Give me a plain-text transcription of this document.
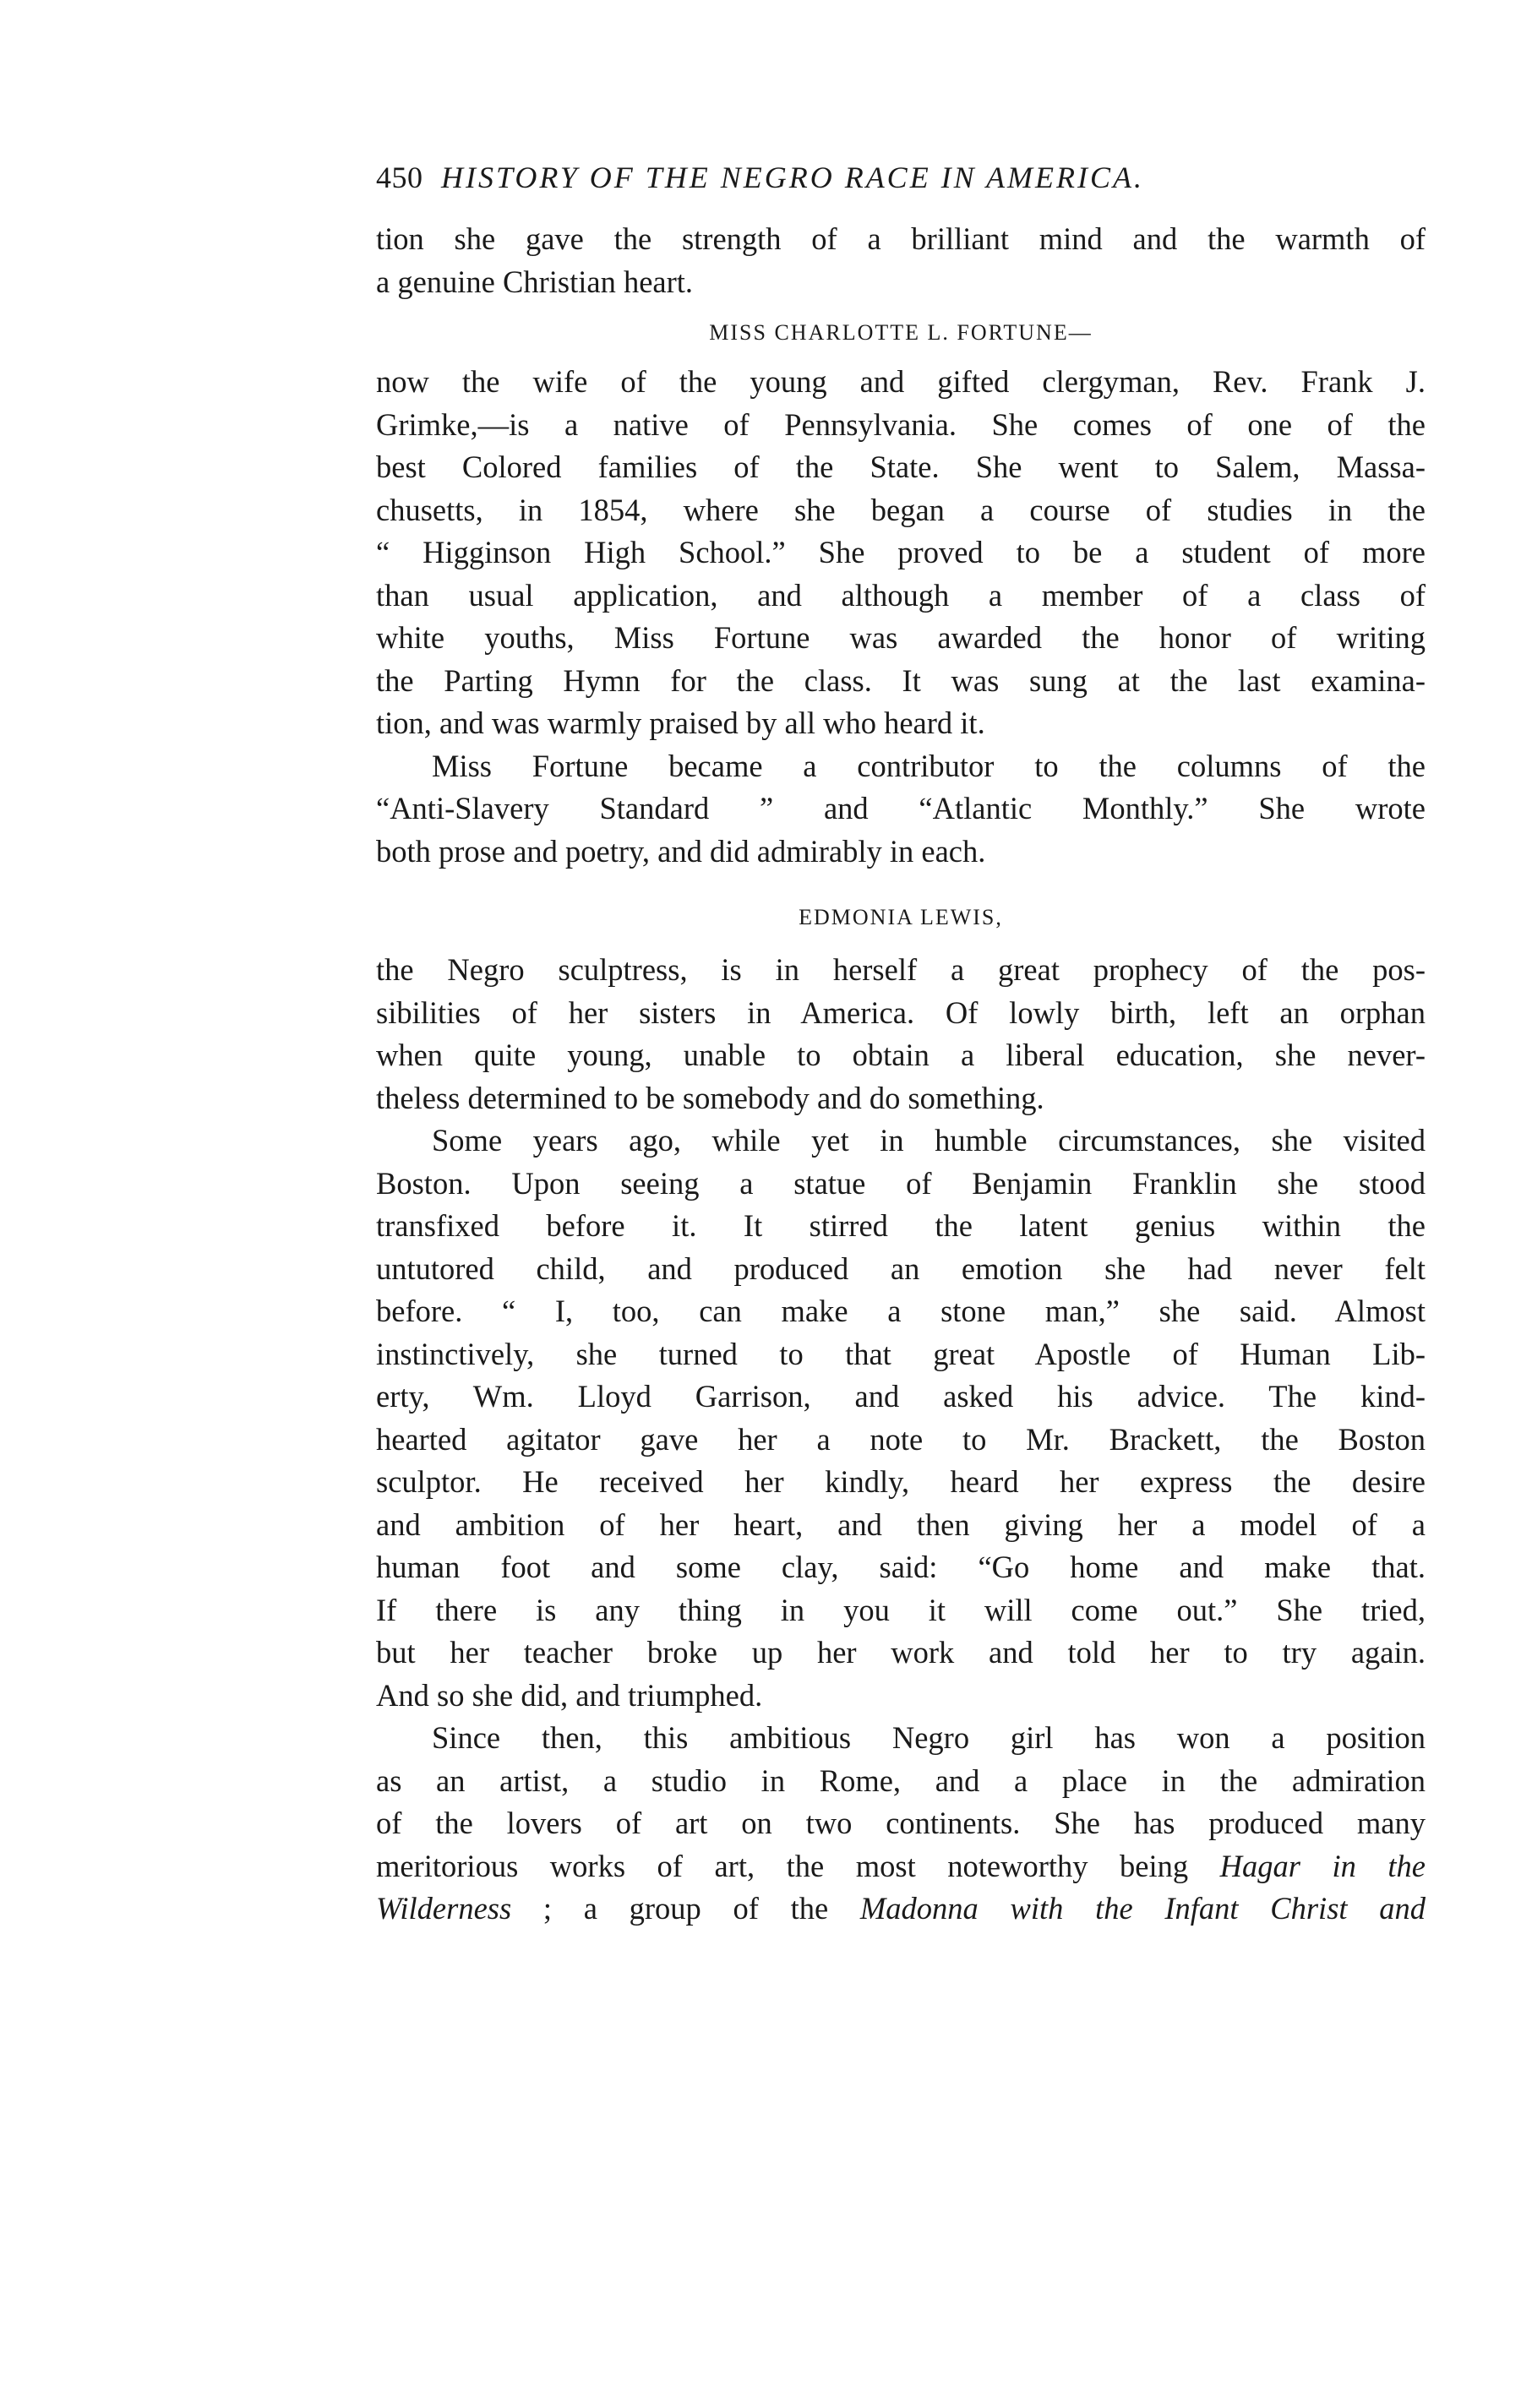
450 HISTORY OF THE NEGRO RACE IN AMERICA.
tion she gave the strength of a brilliant mind and the warmth of
a genuine Christian heart.
MISS CHARLOTTE L. FORTUNE—
now the wife of the young and gifted clergyman, Rev. Frank J.
Grimke,—is a native of Pennsylvania. She comes of one of the
best Colored families of the State. She went to Salem, Massa-
chusetts, in 1854, where she began a course of studies in the
“ Higginson High School.” She proved to be a student of more
than usual application, and although a member of a class of
white youths, Miss Fortune was awarded the honor of writing
the Parting Hymn for the class. It was sung at the last examina-
tion, and was warmly praised by all who heard it.
Miss Fortune became a contributor to the columns of the
“Anti-Slavery Standard ” and “Atlantic Monthly.” She wrote
both prose and poetry, and did admirably in each.
EDMONIA LEWIS,
the Negro sculptress, is in herself a great prophecy of the pos-
sibilities of her sisters in America. Of lowly birth, left an orphan
when quite young, unable to obtain a liberal education, she never-
theless determined to be somebody and do something.
Some years ago, while yet in humble circumstances, she visited
Boston. Upon seeing a statue of Benjamin Franklin she stood
transfixed before it. It stirred the latent genius within the
untutored child, and produced an emotion she had never felt
before. “ I, too, can make a stone man,” she said. Almost
instinctively, she turned to that great Apostle of Human Lib-
erty, Wm. Lloyd Garrison, and asked his advice. The kind-
hearted agitator gave her a note to Mr. Brackett, the Boston
sculptor. He received her kindly, heard her express the desire
and ambition of her heart, and then giving her a model of a
human foot and some clay, said: “Go home and make that.
If there is any thing in you it will come out.” She tried,
but her teacher broke up her work and told her to try again.
And so she did, and triumphed.
Since then, this ambitious Negro girl has won a position
as an artist, a studio in Rome, and a place in the admiration
of the lovers of art on two continents. She has produced many
meritorious works of art, the most noteworthy being Hagar in the
Wilderness ; a group of the Madonna with the Infant Christ and
